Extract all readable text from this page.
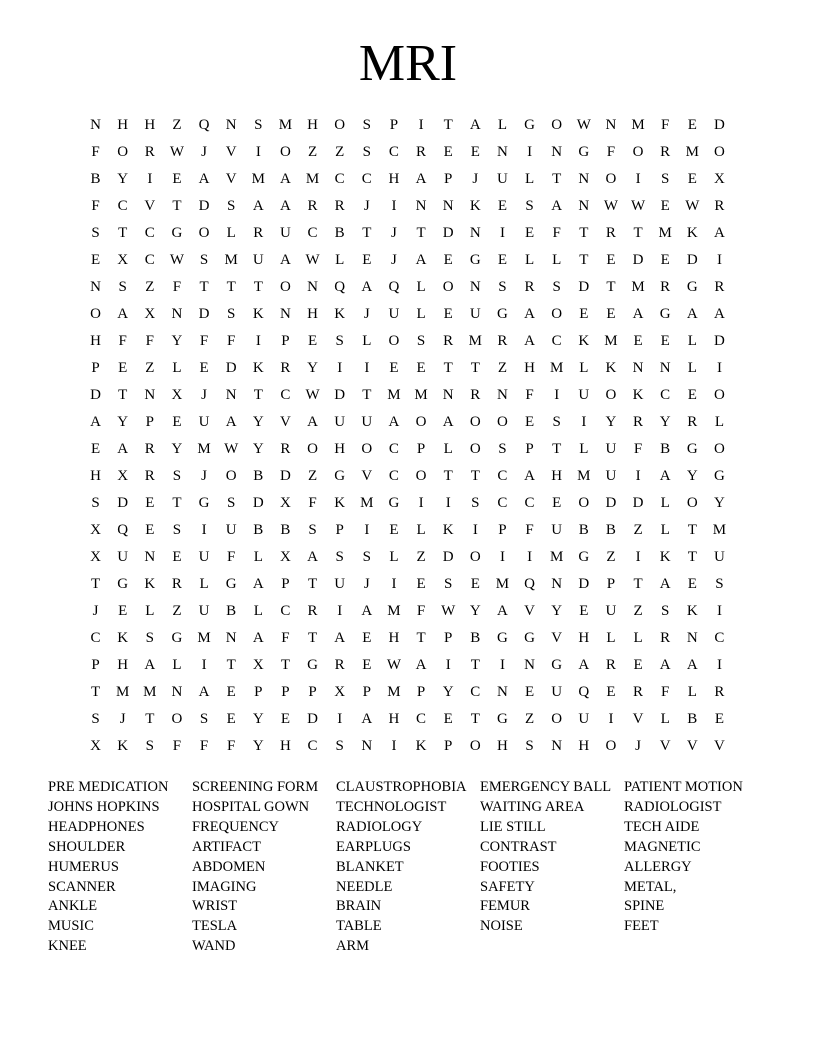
MRI
N	H	H	Z	Q	N	S	M	H	O	S	P	I	T	A	L	G	O W N	M	F	E	D
F	O	R	W	J	V	I	O	Z	Z	S	C	R	E	E	N	I	N	G	F	O	R	M	O
B	Y	I	E	A	V	M	A	M	C	C	H	A	P	J	U	L	T	N	O	I	S	E	X
F	C	V	T	D	S	A	A	R	R	J	I	N	N	K	E	S	A	N W W	E	W	R
S	T	C	G	O	L	R	U	C	B	T	J	T	D	N	I	E	F	T	R	T	M	K	A
E	X	C	W	S	M	U	A W	L	E	J	A	E	G	E	L	L	T	E	D	E	D	I
N	S	Z	F	T	T	T	O	N	Q	A	Q	L	O	N	S	R	S	D	T	M	R	G	R
O	A	X	N	D	S	K	N	H	K	J	U	L	E	U	G	A	O	E	E	A	G	A	A
H	F	F	Y	F	F	I	P	E	S	L	O	S	R	M	R	A	C	K	M	E	E	L	D
P	E	Z	L	E	D	K	R	Y	I	I	E	E	T	T	Z	H	M	L	K	N	N	L	I
D	T	N	X	J	N	T	C	W D	T	M M	N	R	N	F	I	U	O	K	C	E	O
A	Y	P	E	U	A	Y	V	A	U	U	A	O	A	O	O	E	S	I	Y	R	Y	R	L
E	A	R	Y	M W Y	R	O	H	O	C	P	L	O	S	P	T	L	U	F	B	G	O
H	X	R	S	J	O	B	D	Z	G	V	C	O	T	T	C	A	H	M	U	I	A	Y	G
S	D	E	T	G	S	D	X	F	K	M	G	I	I	S	C	C	E	O	D	D	L	O	Y
X	Q	E	S	I	U	B	B	S	P	I	E	L	K	I	P	F	U	B	B	Z	L	T	M
X	U	N	E	U	F	L	X	A	S	S	L	Z	D	O	I	I	M	G	Z	I	K	T	U
T	G	K	R	L	G	A	P	T	U	J	I	E	S	E	M	Q	N	D	P	T	A	E	S
J	E	L	Z	U	B	L	C	R	I	A	M	F	W Y	A	V	Y	E	U	Z	S	K	I
C	K	S	G	M	N	A	F	T	A	E	H	T	P	B	G	G	V	H	L	L	R	N	C
P	H	A	L	I	T	X	T	G	R	E	W A	I	T	I	N	G	A	R	E	A	A	I
T	M M	N	A	E	P	P	P	X	P	M	P	Y	C	N	E	U	Q	E	R	F	L	R
S	J	T	O	S	E	Y	E	D	I	A	H	C	E	T	G	Z	O	U	I	V	L	B	E
X	K	S	F	F	F	Y	H	C	S	N	I	K	P	O	H	S	N	H	O	J	V	V	V
PRE MEDICATION
JOHNS HOPKINS
HEADPHONES
SHOULDER
HUMERUS
SCANNER
ANKLE
MUSIC
KNEE
SCREENING FORM
HOSPITAL GOWN
FREQUENCY
ARTIFACT
ABDOMEN
IMAGING
WRIST
TESLA
WAND
CLAUSTROPHOBIA
TECHNOLOGIST
RADIOLOGY
EARPLUGS
BLANKET
NEEDLE
BRAIN
TABLE
ARM
EMERGENCY BALL
WAITING AREA
LIE STILL
CONTRAST
FOOTIES
SAFETY
FEMUR
NOISE
PATIENT MOTION
RADIOLOGIST
TECH AIDE
MAGNETIC
ALLERGY
METAL,
SPINE
FEET
